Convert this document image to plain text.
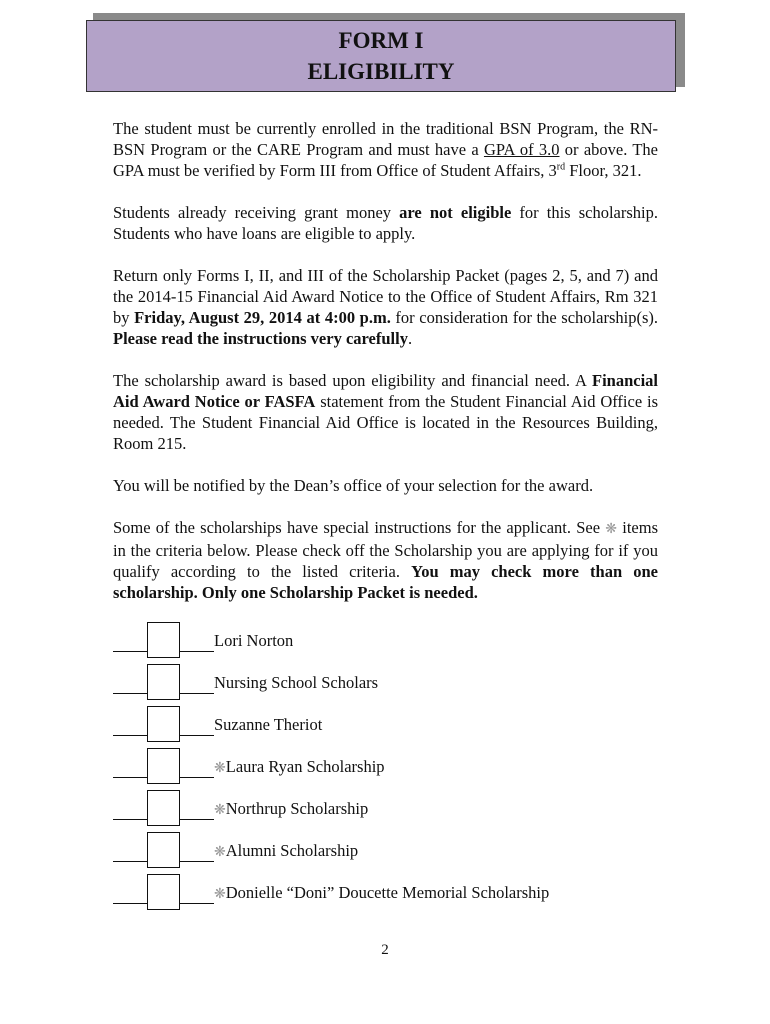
FORM I
ELIGIBILITY

The student must be currently enrolled in the traditional BSN Program, the RN-BSN Program or the CARE Program and must have a GPA of 3.0 or above. The GPA must be verified by Form III from Office of Student Affairs, 3rd Floor, 321.

Students already receiving grant money are not eligible for this scholarship. Students who have loans are eligible to apply.

Return only Forms I, II, and III of the Scholarship Packet (pages 2, 5, and 7) and the 2014-15 Financial Aid Award Notice to the Office of Student Affairs, Rm 321 by Friday, August 29, 2014 at 4:00 p.m. for consideration for the scholarship(s). Please read the instructions very carefully.

The scholarship award is based upon eligibility and financial need. A Financial Aid Award Notice or FASFA statement from the Student Financial Aid Office is needed. The Student Financial Aid Office is located in the Resources Building, Room 215.

You will be notified by the Dean’s office of your selection for the award.

Some of the scholarships have special instructions for the applicant. See ❋ items in the criteria below. Please check off the Scholarship you are applying for if you qualify according to the listed criteria. You may check more than one scholarship. Only one Scholarship Packet is needed.

Lori Norton
Nursing School Scholars
Suzanne Theriot
❋Laura Ryan Scholarship
❋Northrup Scholarship
❋Alumni Scholarship
❋Donielle “Doni” Doucette Memorial Scholarship
2
